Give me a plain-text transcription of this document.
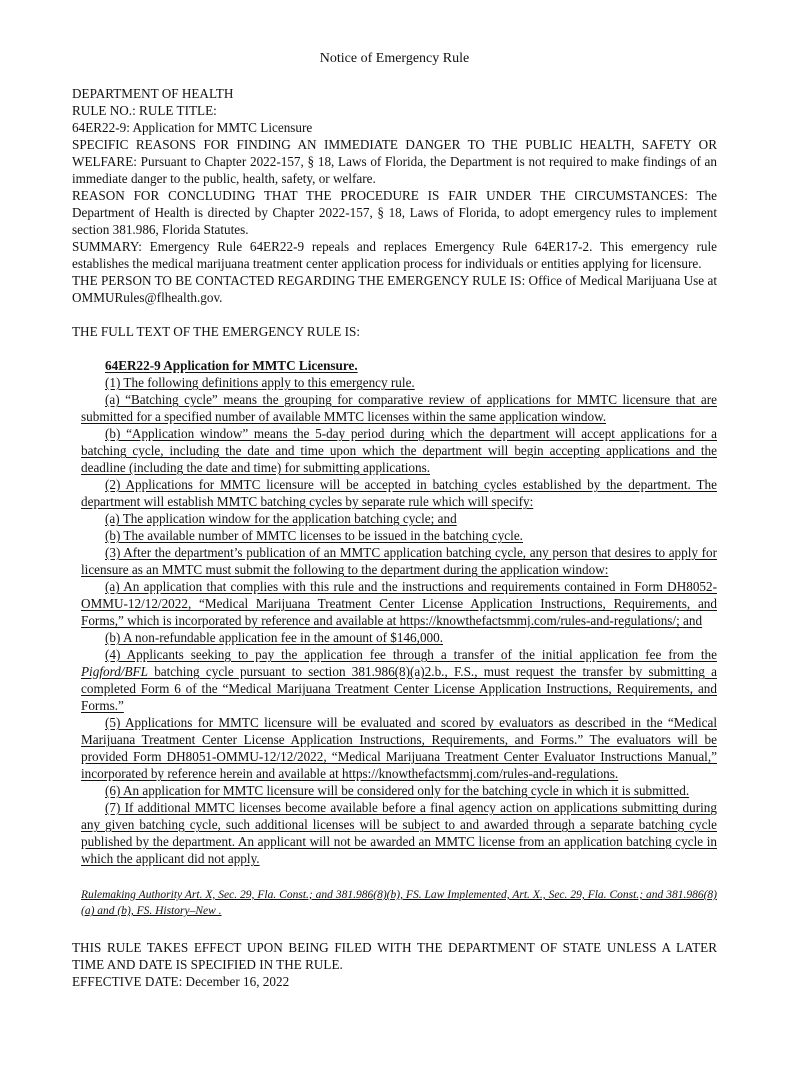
Notice of Emergency Rule

DEPARTMENT OF HEALTH

RULE NO.: RULE TITLE:

64ER22-9: Application for MMTC Licensure

SPECIFIC REASONS FOR FINDING AN IMMEDIATE DANGER TO THE PUBLIC HEALTH, SAFETY OR WELFARE: Pursuant to Chapter 2022-157, § 18, Laws of Florida, the Department is not required to make findings of an immediate danger to the public, health, safety, or welfare.

REASON FOR CONCLUDING THAT THE PROCEDURE IS FAIR UNDER THE CIRCUMSTANCES: The Department of Health is directed by Chapter 2022-157, § 18, Laws of Florida, to adopt emergency rules to implement section 381.986, Florida Statutes.

SUMMARY: Emergency Rule 64ER22-9 repeals and replaces Emergency Rule 64ER17-2. This emergency rule establishes the medical marijuana treatment center application process for individuals or entities applying for licensure.

THE PERSON TO BE CONTACTED REGARDING THE EMERGENCY RULE IS: Office of Medical Marijuana Use at OMMURules@flhealth.gov.

THE FULL TEXT OF THE EMERGENCY RULE IS:

64ER22-9 Application for MMTC Licensure.

(1) The following definitions apply to this emergency rule.

(a) “Batching cycle” means the grouping for comparative review of applications for MMTC licensure that are submitted for a specified number of available MMTC licenses within the same application window.

(b) “Application window” means the 5-day period during which the department will accept applications for a batching cycle, including the date and time upon which the department will begin accepting applications and the deadline (including the date and time) for submitting applications.

(2) Applications for MMTC licensure will be accepted in batching cycles established by the department. The department will establish MMTC batching cycles by separate rule which will specify:

(a) The application window for the application batching cycle; and

(b) The available number of MMTC licenses to be issued in the batching cycle.

(3) After the department’s publication of an MMTC application batching cycle, any person that desires to apply for licensure as an MMTC must submit the following to the department during the application window:

(a) An application that complies with this rule and the instructions and requirements contained in Form DH8052-OMMU-12/12/2022, “Medical Marijuana Treatment Center License Application Instructions, Requirements, and Forms,” which is incorporated by reference and available at https://knowthefactsmmj.com/rules-and-regulations/; and

(b) A non-refundable application fee in the amount of $146,000.

(4) Applicants seeking to pay the application fee through a transfer of the initial application fee from the Pigford/BFL batching cycle pursuant to section 381.986(8)(a)2.b., F.S., must request the transfer by submitting a completed Form 6 of the “Medical Marijuana Treatment Center License Application Instructions, Requirements, and Forms.”

(5) Applications for MMTC licensure will be evaluated and scored by evaluators as described in the “Medical Marijuana Treatment Center License Application Instructions, Requirements, and Forms.” The evaluators will be provided Form DH8051-OMMU-12/12/2022, “Medical Marijuana Treatment Center Evaluator Instructions Manual,” incorporated by reference herein and available at https://knowthefactsmmj.com/rules-and-regulations.

(6) An application for MMTC licensure will be considered only for the batching cycle in which it is submitted.

(7) If additional MMTC licenses become available before a final agency action on applications submitting during any given batching cycle, such additional licenses will be subject to and awarded through a separate batching cycle published by the department. An applicant will not be awarded an MMTC license from an application batching cycle in which the applicant did not apply.

Rulemaking Authority Art. X, Sec. 29, Fla. Const.; and 381.986(8)(b), FS. Law Implemented, Art. X., Sec. 29, Fla. Const.; and 381.986(8)(a) and (b), FS. History–New .

THIS RULE TAKES EFFECT UPON BEING FILED WITH THE DEPARTMENT OF STATE UNLESS A LATER TIME AND DATE IS SPECIFIED IN THE RULE.

EFFECTIVE DATE: December 16, 2022
